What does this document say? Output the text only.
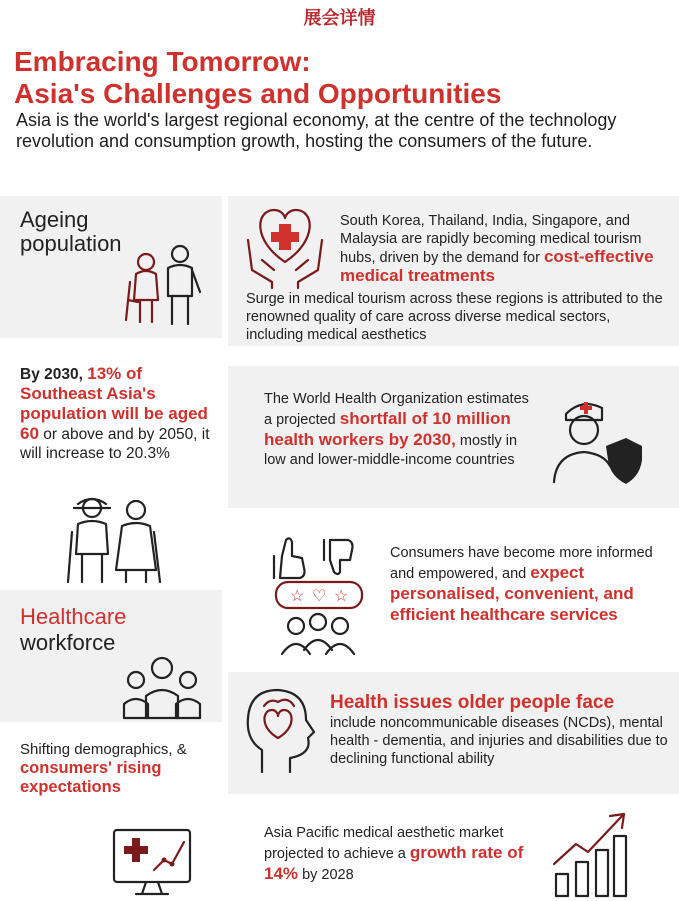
展会详情
Embracing Tomorrow:
Asia's Challenges and Opportunities
Asia is the world's largest regional economy, at the centre of the technology revolution and consumption growth, hosting the consumers of the future.
Ageing
population
By 2030, 13% of Southeast Asia's population will be aged 60 or above and by 2050, it will increase to 20.3%
Healthcare
workforce
Shifting demographics, &
consumers' rising expectations
South Korea, Thailand, India, Singapore, and Malaysia are rapidly becoming medical tourism hubs, driven by the demand for cost-effective medical treatments
Surge in medical tourism across these regions is attributed to the renowned quality of care across diverse medical sectors, including medical aesthetics
The World Health Organization estimates a projected shortfall of 10 million health workers by 2030, mostly in low and lower-middle-income countries
☆ ♡ ☆
Consumers have become more informed and empowered, and expect personalised, convenient, and efficient healthcare services
Health issues older people face
include noncommunicable diseases (NCDs), mental health - dementia, and injuries and disabilities due to declining functional ability
Asia Pacific medical aesthetic market projected to achieve a growth rate of 14% by 2028
